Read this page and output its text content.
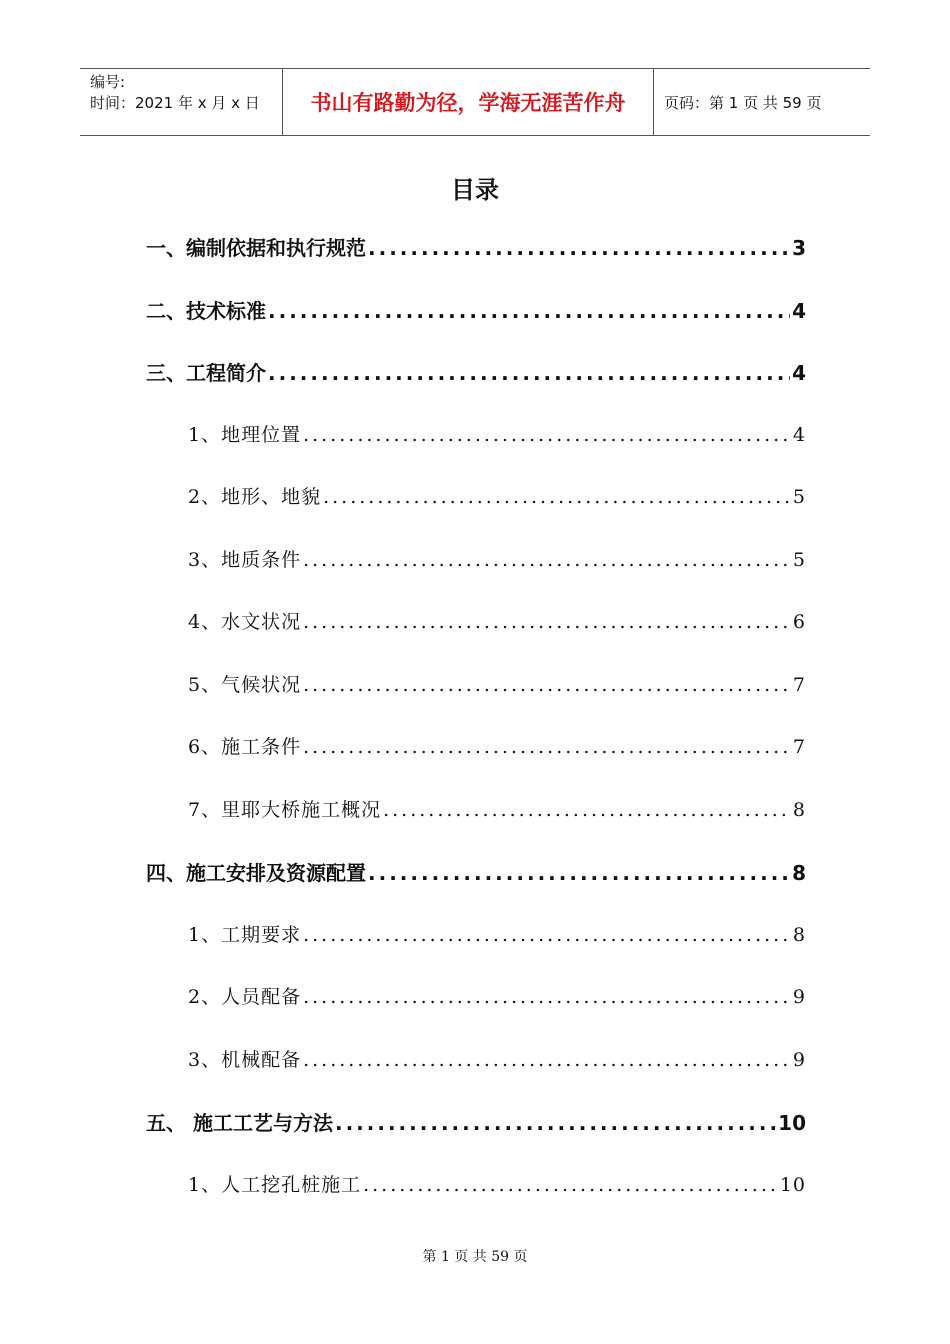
编号:
时间：2021 年 x 月 x 日	书山有路勤为径，学海无涯苦作舟	页码：第 1 页 共 59 页
目录
一、编制依据和执行规范 .....	3
二、技术标准 .....	4
三、工程简介 .....	4
1、地理位置 .....	4
2、地形、地貌 .....	5
3、地质条件 .....	5
4、水文状况 .....	6
5、气候状况 .....	7
6、施工条件 .....	7
7、里耶大桥施工概况 .....	8
四、施工安排及资源配置 .....	8
1、工期要求 .....	8
2、人员配备 .....	9
3、机械配备 .....	9
五、 施工工艺与方法 .....	10
1、人工挖孔桩施工 .....	10
第 1 页 共 59 页
